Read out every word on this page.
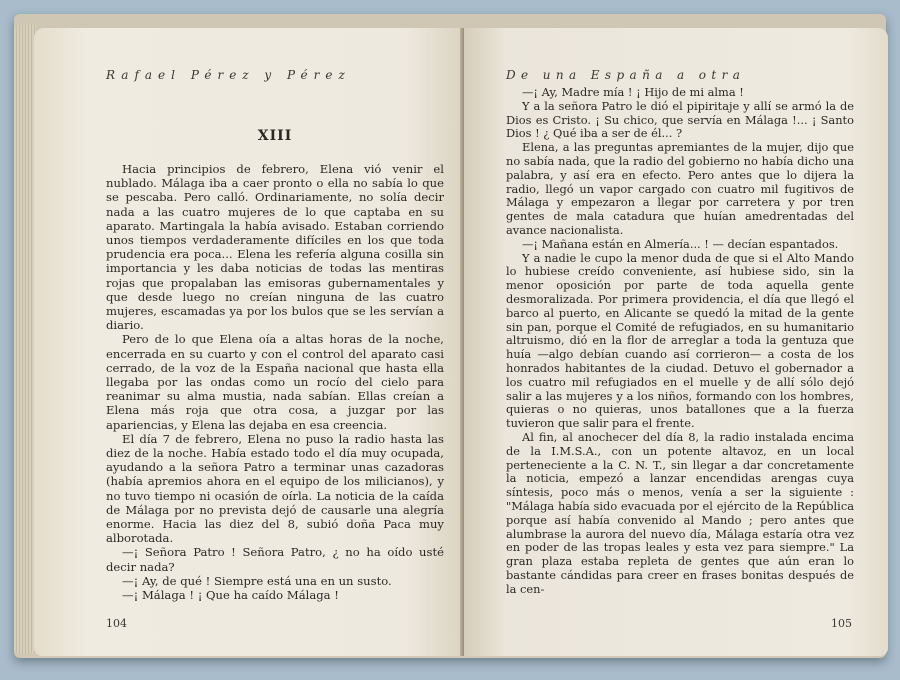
Rafael Pérez y Pérez
XIII

Hacia principios de febrero, Elena vió venir el nublado. Málaga iba a caer pronto o ella no sabía lo que se pescaba. Pero calló. Ordinariamente, no solía decir nada a las cuatro mujeres de lo que captaba en su aparato. Martingala la había avisado. Estaban corriendo unos tiempos verdaderamente difíciles en los que toda prudencia era poca... Elena les refería alguna cosilla sin importancia y les daba noticias de todas las mentiras rojas que propalaban las emisoras gubernamentales y que desde luego no creían ninguna de las cuatro mujeres, escamadas ya por los bulos que se les servían a diario.

Pero de lo que Elena oía a altas horas de la noche, encerrada en su cuarto y con el control del aparato casi cerrado, de la voz de la España nacional que hasta ella llegaba por las ondas como un rocío del cielo para reanimar su alma mustia, nada sabían. Ellas creían a Elena más roja que otra cosa, a juzgar por las apariencias, y Elena las dejaba en esa creencia.

El día 7 de febrero, Elena no puso la radio hasta las diez de la noche. Había estado todo el día muy ocupada, ayudando a la señora Patro a terminar unas cazadoras (había apremios ahora en el equipo de los milicianos), y no tuvo tiempo ni ocasión de oírla. La noticia de la caída de Málaga por no prevista dejó de causarle una alegría enorme. Hacia las diez del 8, subió doña Paca muy alborotada.

—¡ Señora Patro ! Señora Patro, ¿ no ha oído usté decir nada?

—¡ Ay, de qué ! Siempre está una en un susto.

—¡ Málaga ! ¡ Que ha caído Málaga !

104
De una España a otra

—¡ Ay, Madre mía ! ¡ Hijo de mi alma !

Y a la señora Patro le dió el pipiritaje y allí se armó la de Dios es Cristo. ¡ Su chico, que servía en Málaga !... ¡ Santo Dios ! ¿ Qué iba a ser de él... ?

Elena, a las preguntas apremiantes de la mujer, dijo que no sabía nada, que la radio del gobierno no había dicho una palabra, y así era en efecto. Pero antes que lo dijera la radio, llegó un vapor cargado con cuatro mil fugitivos de Málaga y empezaron a llegar por carretera y por tren gentes de mala catadura que huían amedrentadas del avance nacionalista.

—¡ Mañana están en Almería... ! — decían espantados.

Y a nadie le cupo la menor duda de que si el Alto Mando lo hubiese creído conveniente, así hubiese sido, sin la menor oposición por parte de toda aquella gente desmoralizada. Por primera providencia, el día que llegó el barco al puerto, en Alicante se quedó la mitad de la gente sin pan, porque el Comité de refugiados, en su humanitario altruismo, dió en la flor de arreglar a toda la gentuza que huía —algo debían cuando así corrieron— a costa de los honrados habitantes de la ciudad. Detuvo el gobernador a los cuatro mil refugiados en el muelle y de allí sólo dejó salir a las mujeres y a los niños, formando con los hombres, quieras o no quieras, unos batallones que a la fuerza tuvieron que salir para el frente.

Al fin, al anochecer del día 8, la radio instalada encima de la I.M.S.A., con un potente altavoz, en un local perteneciente a la C. N. T., sin llegar a dar concretamente la noticia, empezó a lanzar encendidas arengas cuya síntesis, poco más o menos, venía a ser la siguiente : "Málaga había sido evacuada por el ejército de la República porque así había convenido al Mando ; pero antes que alumbrase la aurora del nuevo día, Málaga estaría otra vez en poder de las tropas leales y esta vez para siempre." La gran plaza estaba repleta de gentes que aún eran lo bastante cándidas para creer en frases bonitas después de la cen-

105
